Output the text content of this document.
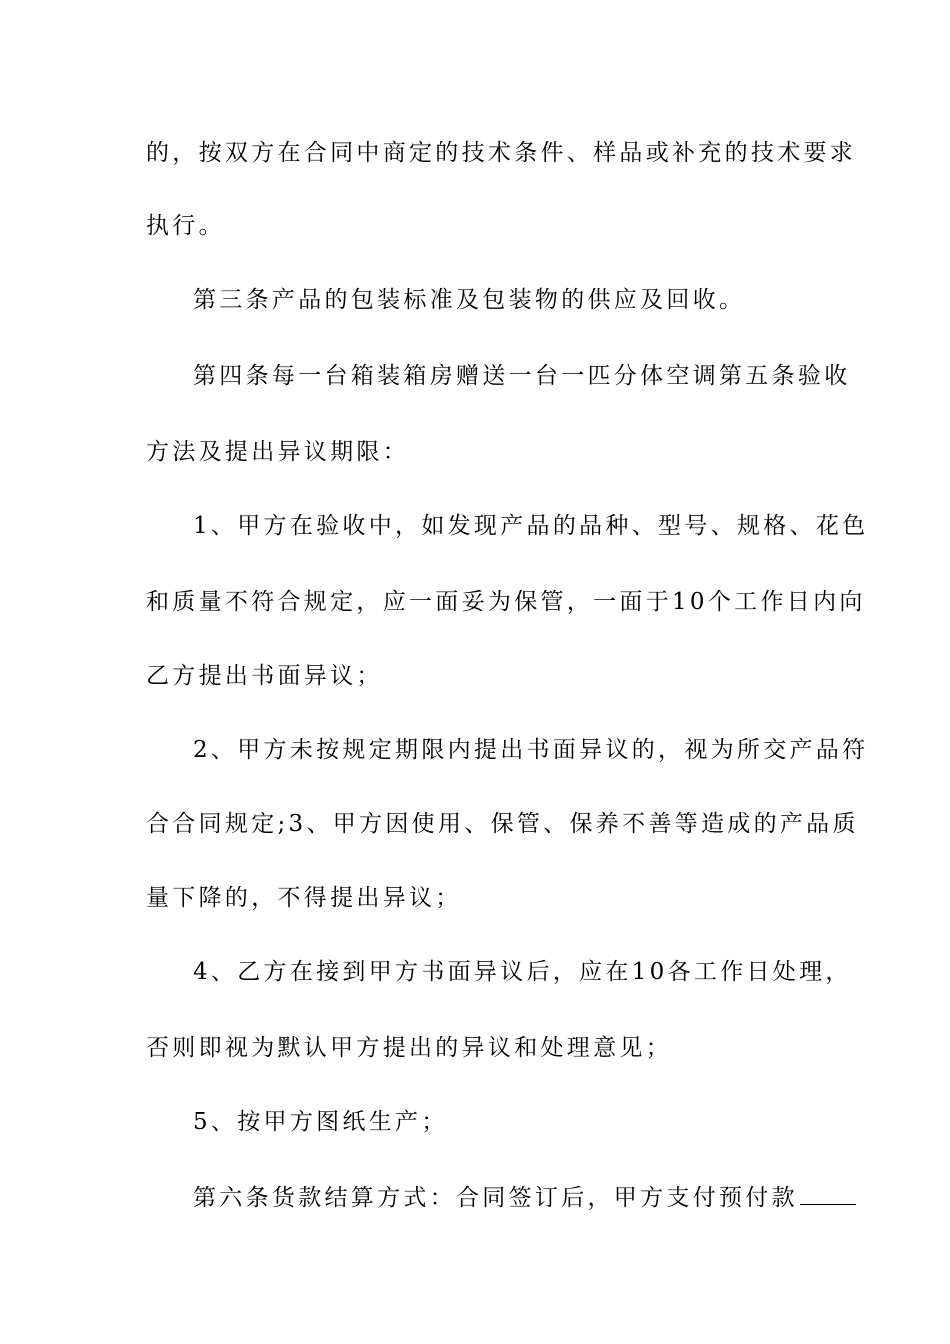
的，按双方在合同中商定的技术条件、样品或补充的技术要求
执行。
第三条产品的包装标准及包装物的供应及回收。
第四条每一台箱装箱房赠送一台一匹分体空调第五条验收
方法及提出异议期限：
1、甲方在验收中，如发现产品的品种、型号、规格、花色
和质量不符合规定，应一面妥为保管，一面于10个工作日内向
乙方提出书面异议；
2、甲方未按规定期限内提出书面异议的，视为所交产品符
合合同规定;3、甲方因使用、保管、保养不善等造成的产品质
量下降的，不得提出异议；
4、乙方在接到甲方书面异议后，应在10各工作日处理，
否则即视为默认甲方提出的异议和处理意见；
5、按甲方图纸生产；
第六条货款结算方式：合同签订后，甲方支付预付款
